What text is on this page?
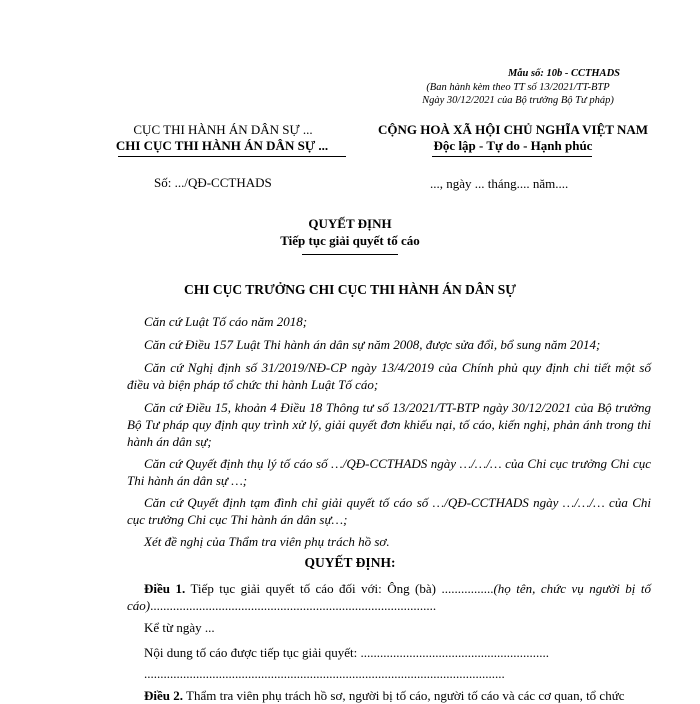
Mẫu số: 10b - CCTHADS
(Ban hành kèm theo TT số 13/2021/TT-BTP
Ngày 30/12/2021 của Bộ trưởng Bộ Tư pháp)
CỤC THI HÀNH ÁN DÂN SỰ ...
CHI CỤC THI HÀNH ÁN DÂN SỰ ...
CỘNG HOÀ XÃ HỘI CHỦ NGHĨA VIỆT NAM
Độc lập - Tự do - Hạnh phúc
Số: .../QĐ-CCTHADS	..., ngày ... tháng.... năm....
QUYẾT ĐỊNH
Tiếp tục giải quyết tố cáo
CHI CỤC TRƯỞNG CHI CỤC THI HÀNH ÁN DÂN SỰ
Căn cứ Luật Tố cáo năm 2018;
Căn cứ Điều 157 Luật Thi hành án dân sự năm 2008, được sửa đổi, bổ sung năm 2014;
Căn cứ Nghị định số 31/2019/NĐ-CP ngày 13/4/2019 của Chính phủ quy định chi tiết một số điều và biện pháp tổ chức thi hành Luật Tố cáo;
Căn cứ Điều 15, khoản 4 Điều 18 Thông tư số 13/2021/TT-BTP ngày 30/12/2021 của Bộ trưởng Bộ Tư pháp quy định quy trình xử lý, giải quyết đơn khiếu nại, tố cáo, kiến nghị, phản ánh trong thi hành án dân sự;
Căn cứ Quyết định thụ lý tố cáo số …/QĐ-CCTHADS ngày …/…/… của Chi cục trưởng Chi cục Thi hành án dân sự …;
Căn cứ Quyết định tạm đình chỉ giải quyết tố cáo số …/QĐ-CCTHADS ngày …/…/… của Chi cục trưởng Chi cục Thi hành án dân sự…;
Xét đề nghị của Thẩm tra viên phụ trách hồ sơ.
QUYẾT ĐỊNH:
Điều 1. Tiếp tục giải quyết tố cáo đối với: Ông (bà) ................(họ tên, chức vụ người bị tố cáo)........................................................................................
Kể từ ngày ...
Nội dung tố cáo được tiếp tục giải quyết: ..........................................................
...............................................................................................................
Điều 2. Thẩm tra viên phụ trách hồ sơ, người bị tố cáo, người tố cáo và các cơ quan, tổ chức
